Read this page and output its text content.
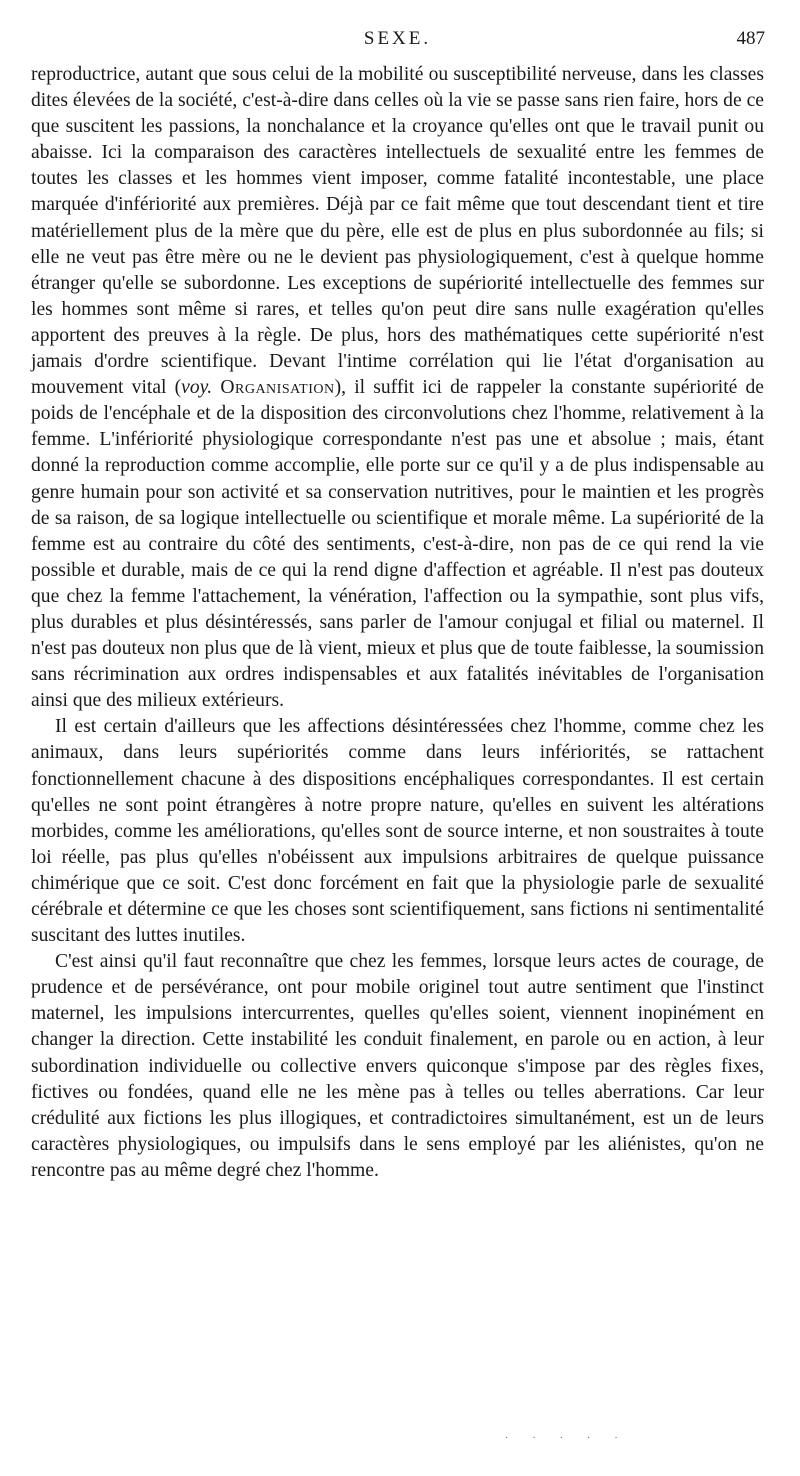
SEXE.	487

reproductrice, autant que sous celui de la mobilité ou susceptibilité nerveuse, dans les classes dites élevées de la société, c'est-à-dire dans celles où la vie se passe sans rien faire, hors de ce que suscitent les passions, la nonchalance et la croyance qu'elles ont que le travail punit ou abaisse. Ici la comparaison des caractères intellectuels de sexualité entre les femmes de toutes les classes et les hommes vient imposer, comme fatalité incontestable, une place marquée d'infériorité aux premières. Déjà par ce fait même que tout descendant tient et tire matériellement plus de la mère que du père, elle est de plus en plus subordonnée au fils; si elle ne veut pas être mère ou ne le devient pas physiologiquement, c'est à quelque homme étranger qu'elle se subordonne. Les exceptions de supériorité intellectuelle des femmes sur les hommes sont même si rares, et telles qu'on peut dire sans nulle exagération qu'elles apportent des preuves à la règle. De plus, hors des mathématiques cette supériorité n'est jamais d'ordre scientifique. Devant l'intime corrélation qui lie l'état d'organisation au mouvement vital (voy. Organisation), il suffit ici de rappeler la constante supériorité de poids de l'encéphale et de la disposition des circonvolutions chez l'homme, relativement à la femme. L'infériorité physiologique correspondante n'est pas une et absolue ; mais, étant donné la reproduction comme accomplie, elle porte sur ce qu'il y a de plus indispensable au genre humain pour son activité et sa conservation nutritives, pour le maintien et les progrès de sa raison, de sa logique intellectuelle ou scientifique et morale même. La supériorité de la femme est au contraire du côté des sentiments, c'est-à-dire, non pas de ce qui rend la vie possible et durable, mais de ce qui la rend digne d'affection et agréable. Il n'est pas douteux que chez la femme l'attachement, la vénération, l'affection ou la sympathie, sont plus vifs, plus durables et plus désintéressés, sans parler de l'amour conjugal et filial ou maternel. Il n'est pas douteux non plus que de là vient, mieux et plus que de toute faiblesse, la soumission sans récrimination aux ordres indispensables et aux fatalités inévitables de l'organisation ainsi que des milieux extérieurs.

Il est certain d'ailleurs que les affections désintéressées chez l'homme, comme chez les animaux, dans leurs supériorités comme dans leurs infériorités, se rattachent fonctionnellement chacune à des dispositions encéphaliques correspondantes. Il est certain qu'elles ne sont point étrangères à notre propre nature, qu'elles en suivent les altérations morbides, comme les améliorations, qu'elles sont de source interne, et non soustraites à toute loi réelle, pas plus qu'elles n'obéissent aux impulsions arbitraires de quelque puissance chimérique que ce soit. C'est donc forcément en fait que la physiologie parle de sexualité cérébrale et détermine ce que les choses sont scientifiquement, sans fictions ni sentimentalité suscitant des luttes inutiles.

C'est ainsi qu'il faut reconnaître que chez les femmes, lorsque leurs actes de courage, de prudence et de persévérance, ont pour mobile originel tout autre sentiment que l'instinct maternel, les impulsions intercurrentes, quelles qu'elles soient, viennent inopinément en changer la direction. Cette instabilité les conduit finalement, en parole ou en action, à leur subordination individuelle ou collective envers quiconque s'impose par des règles fixes, fictives ou fondées, quand elle ne les mène pas à telles ou telles aberrations. Car leur crédulité aux fictions les plus illogiques, et contradictoires simultanément, est un de leurs caractères physiologiques, ou impulsifs dans le sens employé par les aliénistes, qu'on ne rencontre pas au même degré chez l'homme.

·····
